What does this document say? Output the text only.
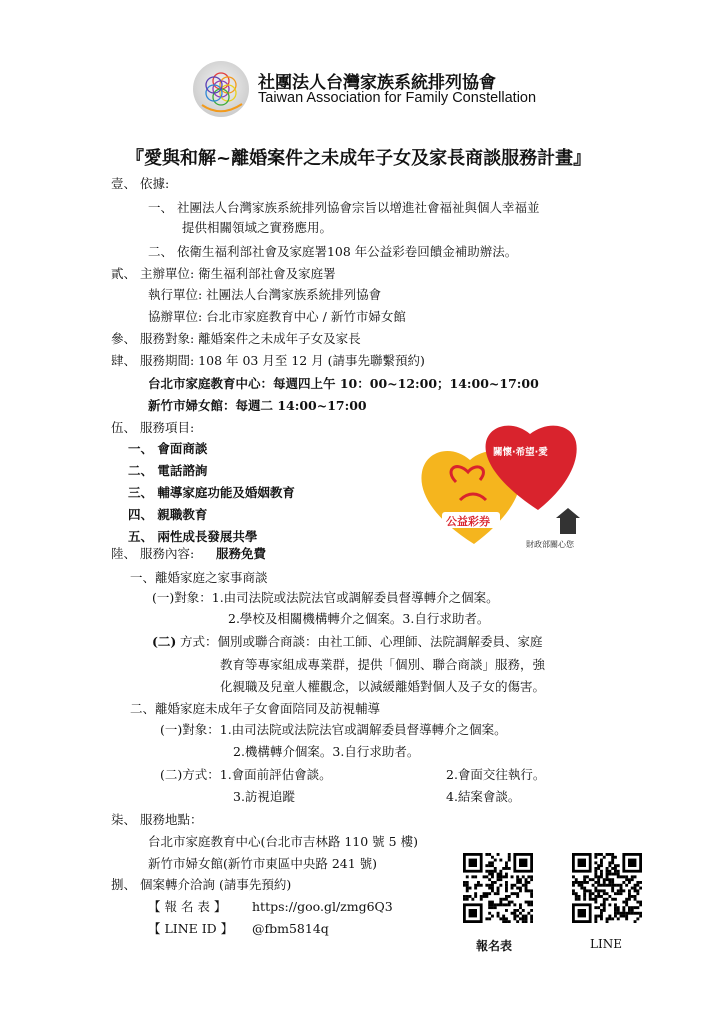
社團法人台灣家族系統排列協會
Taiwan Association for Family Constellation
『愛與和解~離婚案件之未成年子女及家長商談服務計畫』
壹、 依據:
一、 社團法人台灣家族系統排列協會宗旨以增進社會福祉與個人幸福並
提供相關領域之實務應用。
二、 依衛生福利部社會及家庭署108 年公益彩卷回饋金補助辦法。
貳、 主辦單位: 衛生福利部社會及家庭署
執行單位: 社團法人台灣家族系統排列協會
協辦單位: 台北市家庭教育中心 / 新竹市婦女館
參、 服務對象: 離婚案件之未成年子女及家長
肆、 服務期間: 108 年 03 月至 12 月 (請事先聯繫預約)
台北市家庭教育中心：每週四上午 10：00~12:00；14:00~17:00
新竹市婦女館：每週二 14:00~17:00
伍、 服務項目:
一、 會面商談
二、 電話諮詢
三、 輔導家庭功能及婚姻教育
四、 親職教育
五、 兩性成長發展共學
關懷·希望·愛
公益彩券
財政部關心您
陸、 服務內容: 服務免費
一、離婚家庭之家事商談
(一)對象：1.由司法院或法院法官或調解委員督導轉介之個案。
2.學校及相關機構轉介之個案。3.自行求助者。
(二) 方式：個別或聯合商談：由社工師、心理師、法院調解委員、家庭
教育等專家組成專業群，提供「個別、聯合商談」服務，強
化親職及兒童人權觀念，以減緩離婚對個人及子女的傷害。
二、離婚家庭未成年子女會面陪同及訪視輔導
(一)對象：1.由司法院或法院法官或調解委員督導轉介之個案。
2.機構轉介個案。3.自行求助者。
(二)方式：1.會面前評估會談。	2.會面交往執行。
3.訪視追蹤	4.結案會談。
柒、 服務地點：
台北市家庭教育中心(台北市吉林路 110 號 5 樓)
新竹市婦女館(新竹市東區中央路 241 號)
捌、 個案轉介洽詢 (請事先預約)
【 報 名 表 】 https://goo.gl/zmg6Q3
【 LINE ID 】 @fbm5814q
報名表	LINE
